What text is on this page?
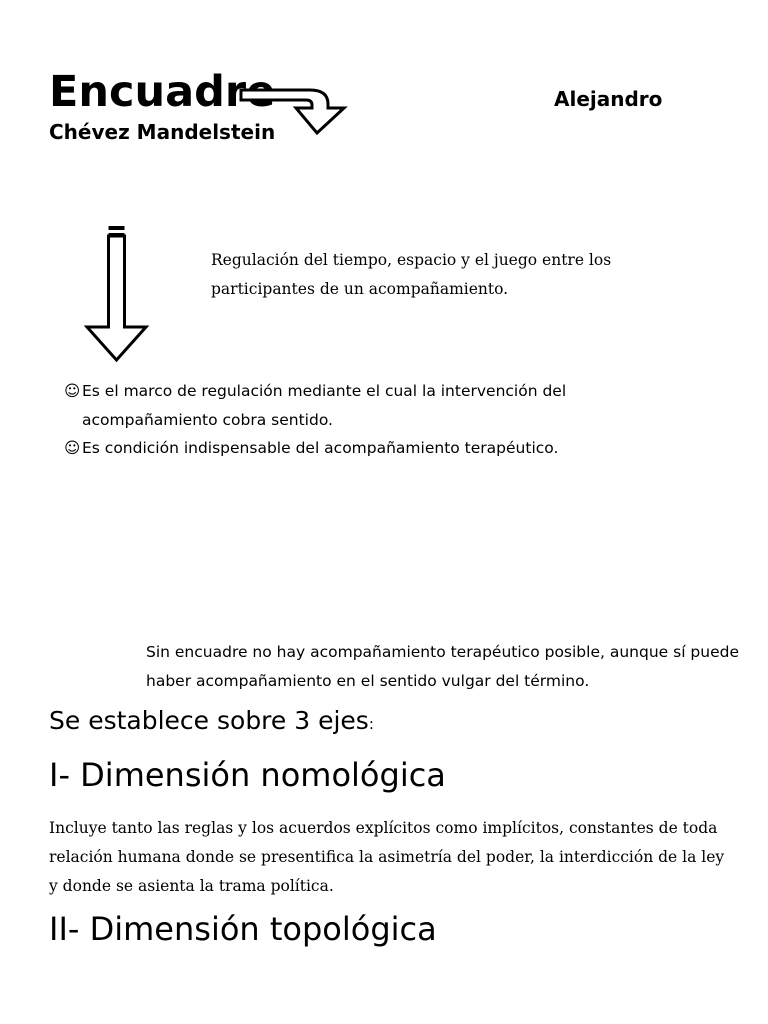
Encuadre
Chévez Mandelstein
Alejandro
Regulación del tiempo, espacio y el juego entre los participantes de un acompañamiento.
☺ Es el marco de regulación mediante el cual la intervención del acompañamiento cobra sentido.
☺ Es condición indispensable del acompañamiento terapéutico.
Sin encuadre no hay acompañamiento terapéutico posible, aunque sí puede haber acompañamiento en el sentido vulgar del término.
Se establece sobre 3 ejes:
I- Dimensión nomológica
Incluye tanto las reglas y los acuerdos explícitos como implícitos, constantes de toda relación humana donde se presentifica la asimetría del poder, la interdicción de la ley y donde se asienta la trama política.
II- Dimensión topológica
